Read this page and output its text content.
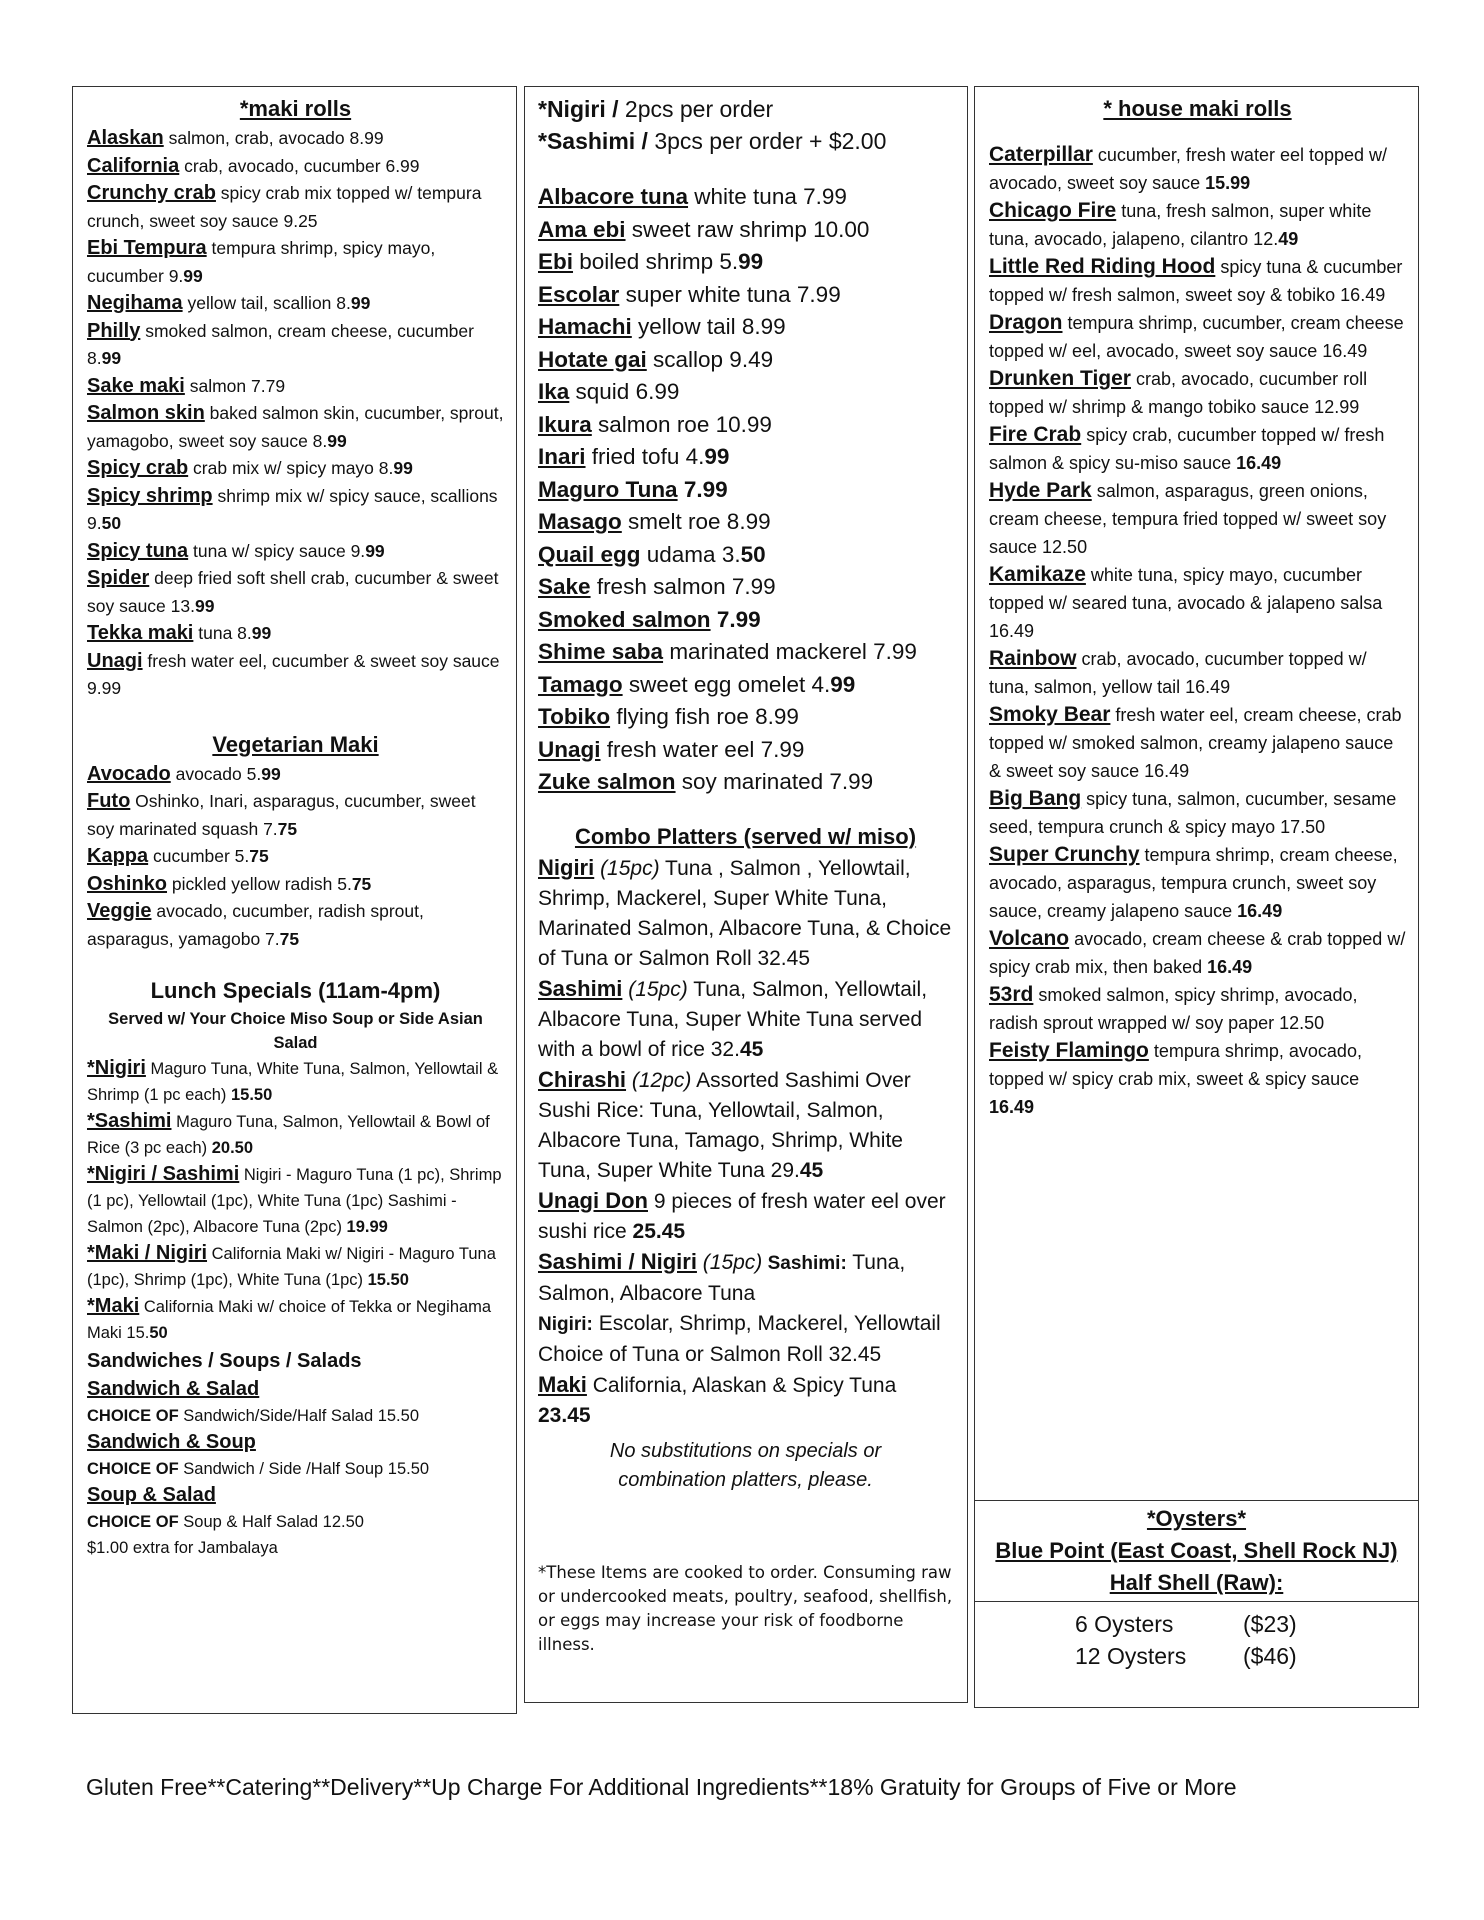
*maki rolls

Alaskan salmon, crab, avocado 8.99

California crab, avocado, cucumber 6.99

Crunchy crab spicy crab mix topped w/ tempura crunch, sweet soy sauce 9.25

Ebi Tempura tempura shrimp, spicy mayo, cucumber 9.99

Negihama yellow tail, scallion 8.99

Philly smoked salmon, cream cheese, cucumber 8.99

Sake maki salmon 7.79

Salmon skin baked salmon skin, cucumber, sprout, yamagobo, sweet soy sauce 8.99

Spicy crab crab mix w/ spicy mayo 8.99

Spicy shrimp shrimp mix w/ spicy sauce, scallions 9.50

Spicy tuna tuna w/ spicy sauce 9.99

Spider deep fried soft shell crab, cucumber & sweet soy sauce 13.99

Tekka maki tuna 8.99

Unagi fresh water eel, cucumber & sweet soy sauce 9.99

Vegetarian Maki

Avocado avocado 5.99

Futo Oshinko, Inari, asparagus, cucumber, sweet soy marinated squash 7.75

Kappa cucumber 5.75

Oshinko pickled yellow radish 5.75

Veggie avocado, cucumber, radish sprout, asparagus, yamagobo 7.75

Lunch Specials (11am-4pm)

Served w/ Your Choice Miso Soup or Side Asian Salad

*Nigiri Maguro Tuna, White Tuna, Salmon, Yellowtail & Shrimp (1 pc each) 15.50

*Sashimi Maguro Tuna, Salmon, Yellowtail & Bowl of Rice (3 pc each) 20.50

*Nigiri / Sashimi Nigiri - Maguro Tuna (1 pc), Shrimp (1 pc), Yellowtail (1pc), White Tuna (1pc) Sashimi - Salmon (2pc), Albacore Tuna (2pc) 19.99

*Maki / Nigiri California Maki w/ Nigiri - Maguro Tuna (1pc), Shrimp (1pc), White Tuna (1pc) 15.50

*Maki California Maki w/ choice of Tekka or Negihama Maki 15.50

Sandwiches / Soups / Salads

Sandwich & Salad
CHOICE OF Sandwich/Side/Half Salad 15.50

Sandwich & Soup
CHOICE OF Sandwich / Side /Half Soup 15.50

Soup & Salad
CHOICE OF Soup & Half Salad 12.50

$1.00 extra for Jambalaya

*Nigiri / 2pcs per order

*Sashimi / 3pcs per order + $2.00

Albacore tuna white tuna 7.99

Ama ebi sweet raw shrimp 10.00

Ebi boiled shrimp 5.99

Escolar super white tuna 7.99

Hamachi yellow tail 8.99

Hotate gai scallop 9.49

Ika squid 6.99

Ikura salmon roe 10.99

Inari fried tofu 4.99

Maguro Tuna 7.99

Masago smelt roe 8.99

Quail egg udama 3.50

Sake fresh salmon 7.99

Smoked salmon 7.99

Shime saba marinated mackerel 7.99

Tamago sweet egg omelet 4.99

Tobiko flying fish roe 8.99

Unagi fresh water eel 7.99

Zuke salmon soy marinated 7.99

Combo Platters (served w/ miso)

Nigiri (15pc) Tuna , Salmon , Yellowtail, Shrimp, Mackerel, Super White Tuna, Marinated Salmon, Albacore Tuna, & Choice of Tuna or Salmon Roll 32.45

Sashimi (15pc) Tuna, Salmon, Yellowtail, Albacore Tuna, Super White Tuna served with a bowl of rice 32.45

Chirashi (12pc) Assorted Sashimi Over Sushi Rice: Tuna, Yellowtail, Salmon, Albacore Tuna, Tamago, Shrimp, White Tuna, Super White Tuna 29.45

Unagi Don 9 pieces of fresh water eel over sushi rice 25.45

Sashimi / Nigiri (15pc) Sashimi: Tuna, Salmon, Albacore Tuna

Nigiri: Escolar, Shrimp, Mackerel, Yellowtail Choice of Tuna or Salmon Roll 32.45

Maki California, Alaskan & Spicy Tuna
23.45

No substitutions on specials or combination platters, please.

*These Items are cooked to order. Consuming raw or undercooked meats, poultry, seafood, shellfish, or eggs may increase your risk of foodborne illness.

* house maki rolls

Caterpillar cucumber, fresh water eel topped w/ avocado, sweet soy sauce 15.99

Chicago Fire tuna, fresh salmon, super white tuna, avocado, jalapeno, cilantro 12.49

Little Red Riding Hood spicy tuna & cucumber topped w/ fresh salmon, sweet soy & tobiko 16.49

Dragon tempura shrimp, cucumber, cream cheese topped w/ eel, avocado, sweet soy sauce 16.49

Drunken Tiger crab, avocado, cucumber roll topped w/ shrimp & mango tobiko sauce 12.99

Fire Crab spicy crab, cucumber topped w/ fresh salmon & spicy su-miso sauce 16.49

Hyde Park salmon, asparagus, green onions, cream cheese, tempura fried topped w/ sweet soy sauce 12.50

Kamikaze white tuna, spicy mayo, cucumber topped w/ seared tuna, avocado & jalapeno salsa 16.49

Rainbow crab, avocado, cucumber topped w/ tuna, salmon, yellow tail 16.49

Smoky Bear fresh water eel, cream cheese, crab topped w/ smoked salmon, creamy jalapeno sauce & sweet soy sauce 16.49

Big Bang spicy tuna, salmon, cucumber, sesame seed, tempura crunch & spicy mayo 17.50

Super Crunchy tempura shrimp, cream cheese, avocado, asparagus, tempura crunch, sweet soy sauce, creamy jalapeno sauce 16.49

Volcano avocado, cream cheese & crab topped w/ spicy crab mix, then baked 16.49

53rd smoked salmon, spicy shrimp, avocado, radish sprout wrapped w/ soy paper 12.50

Feisty Flamingo tempura shrimp, avocado, topped w/ spicy crab mix, sweet & spicy sauce 16.49

*Oysters*

Blue Point (East Coast, Shell Rock NJ)

Half Shell (Raw):

6 Oysters	($23)
12 Oysters	($46)
Gluten Free**Catering**Delivery**Up Charge For Additional Ingredients**18% Gratuity for Groups of Five or More
